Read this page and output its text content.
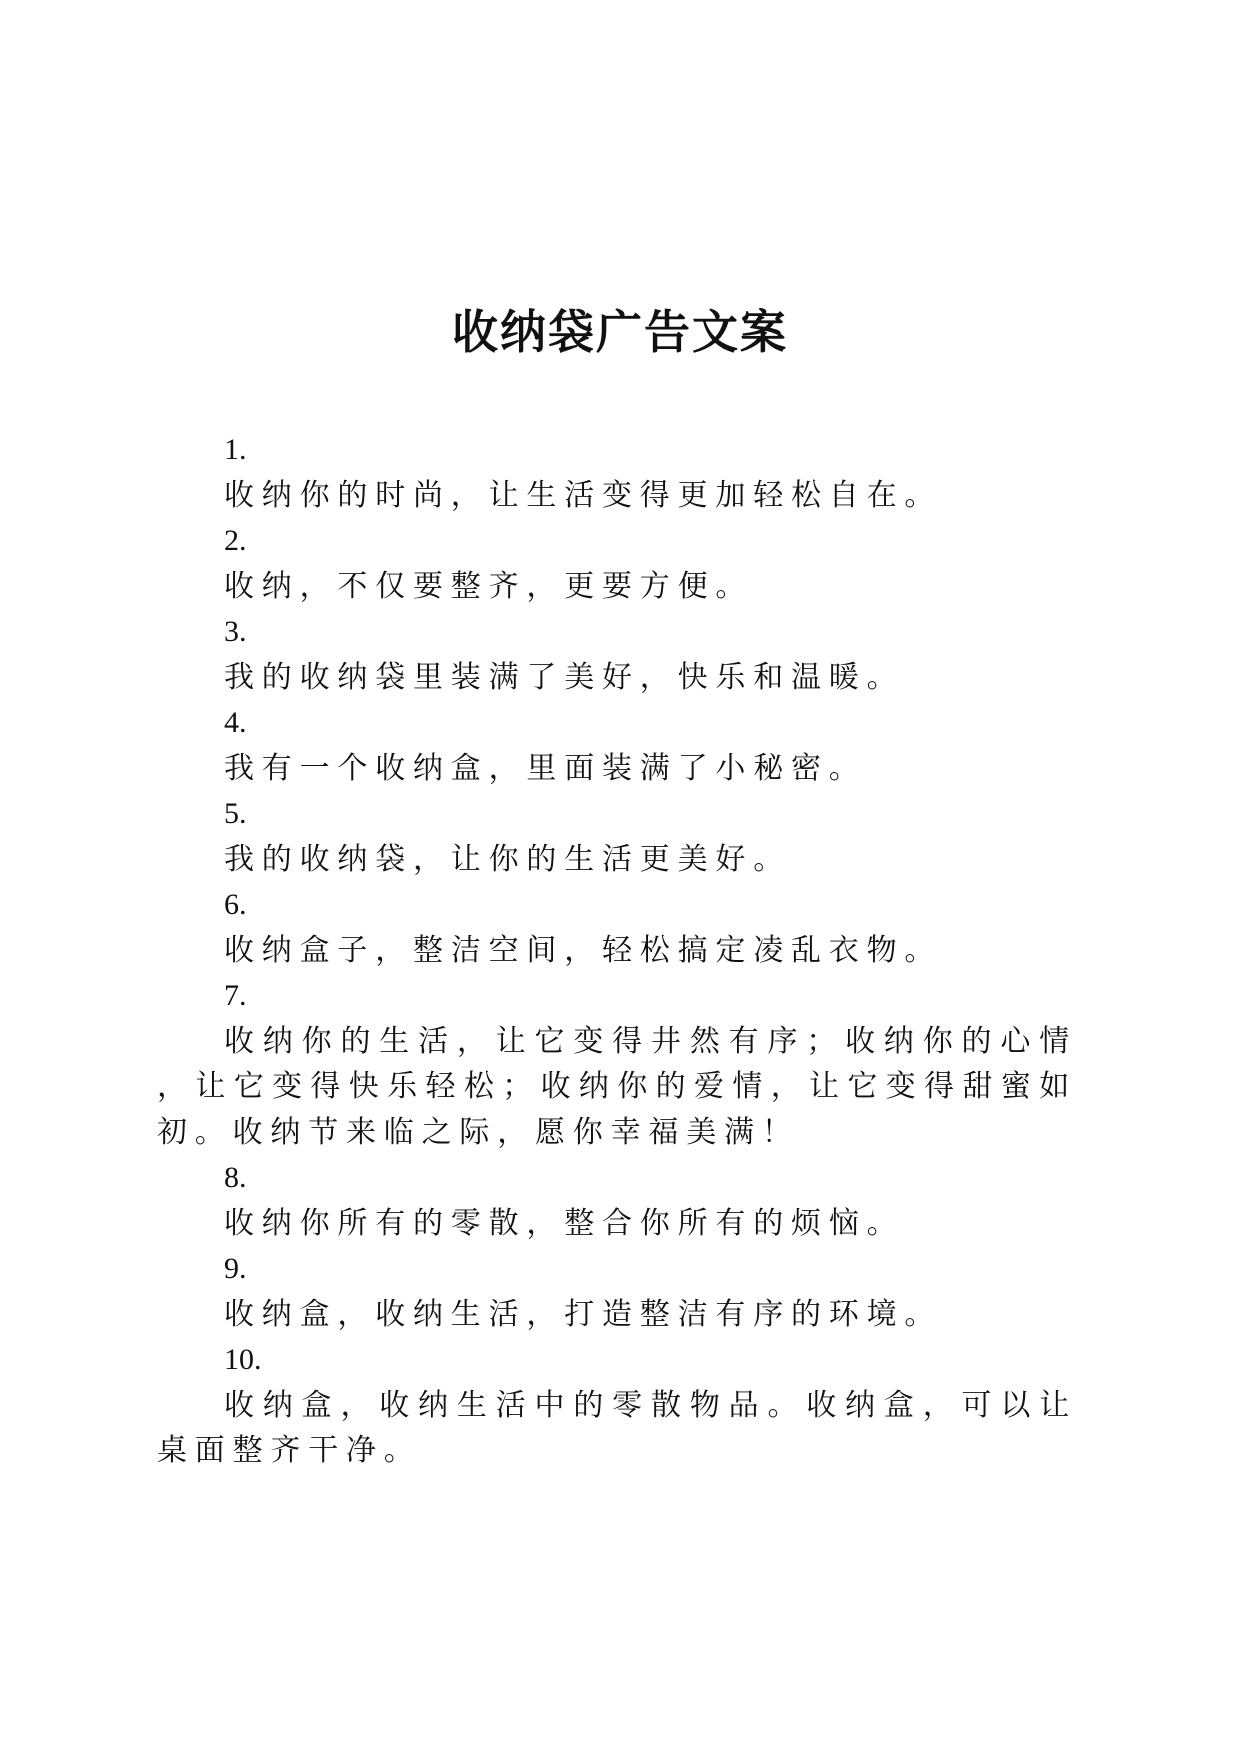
收纳袋广告文案
1.
收纳你的时尚，让生活变得更加轻松自在。
2.
收纳，不仅要整齐，更要方便。
3.
我的收纳袋里装满了美好，快乐和温暖。
4.
我有一个收纳盒，里面装满了小秘密。
5.
我的收纳袋，让你的生活更美好。
6.
收纳盒子，整洁空间，轻松搞定凌乱衣物。
7.
收纳你的生活，让它变得井然有序；收纳你的心情，让它变得快乐轻松；收纳你的爱情，让它变得甜蜜如初。收纳节来临之际，愿你幸福美满！
8.
收纳你所有的零散，整合你所有的烦恼。
9.
收纳盒，收纳生活，打造整洁有序的环境。
10.
收纳盒，收纳生活中的零散物品。收纳盒，可以让桌面整齐干净。
